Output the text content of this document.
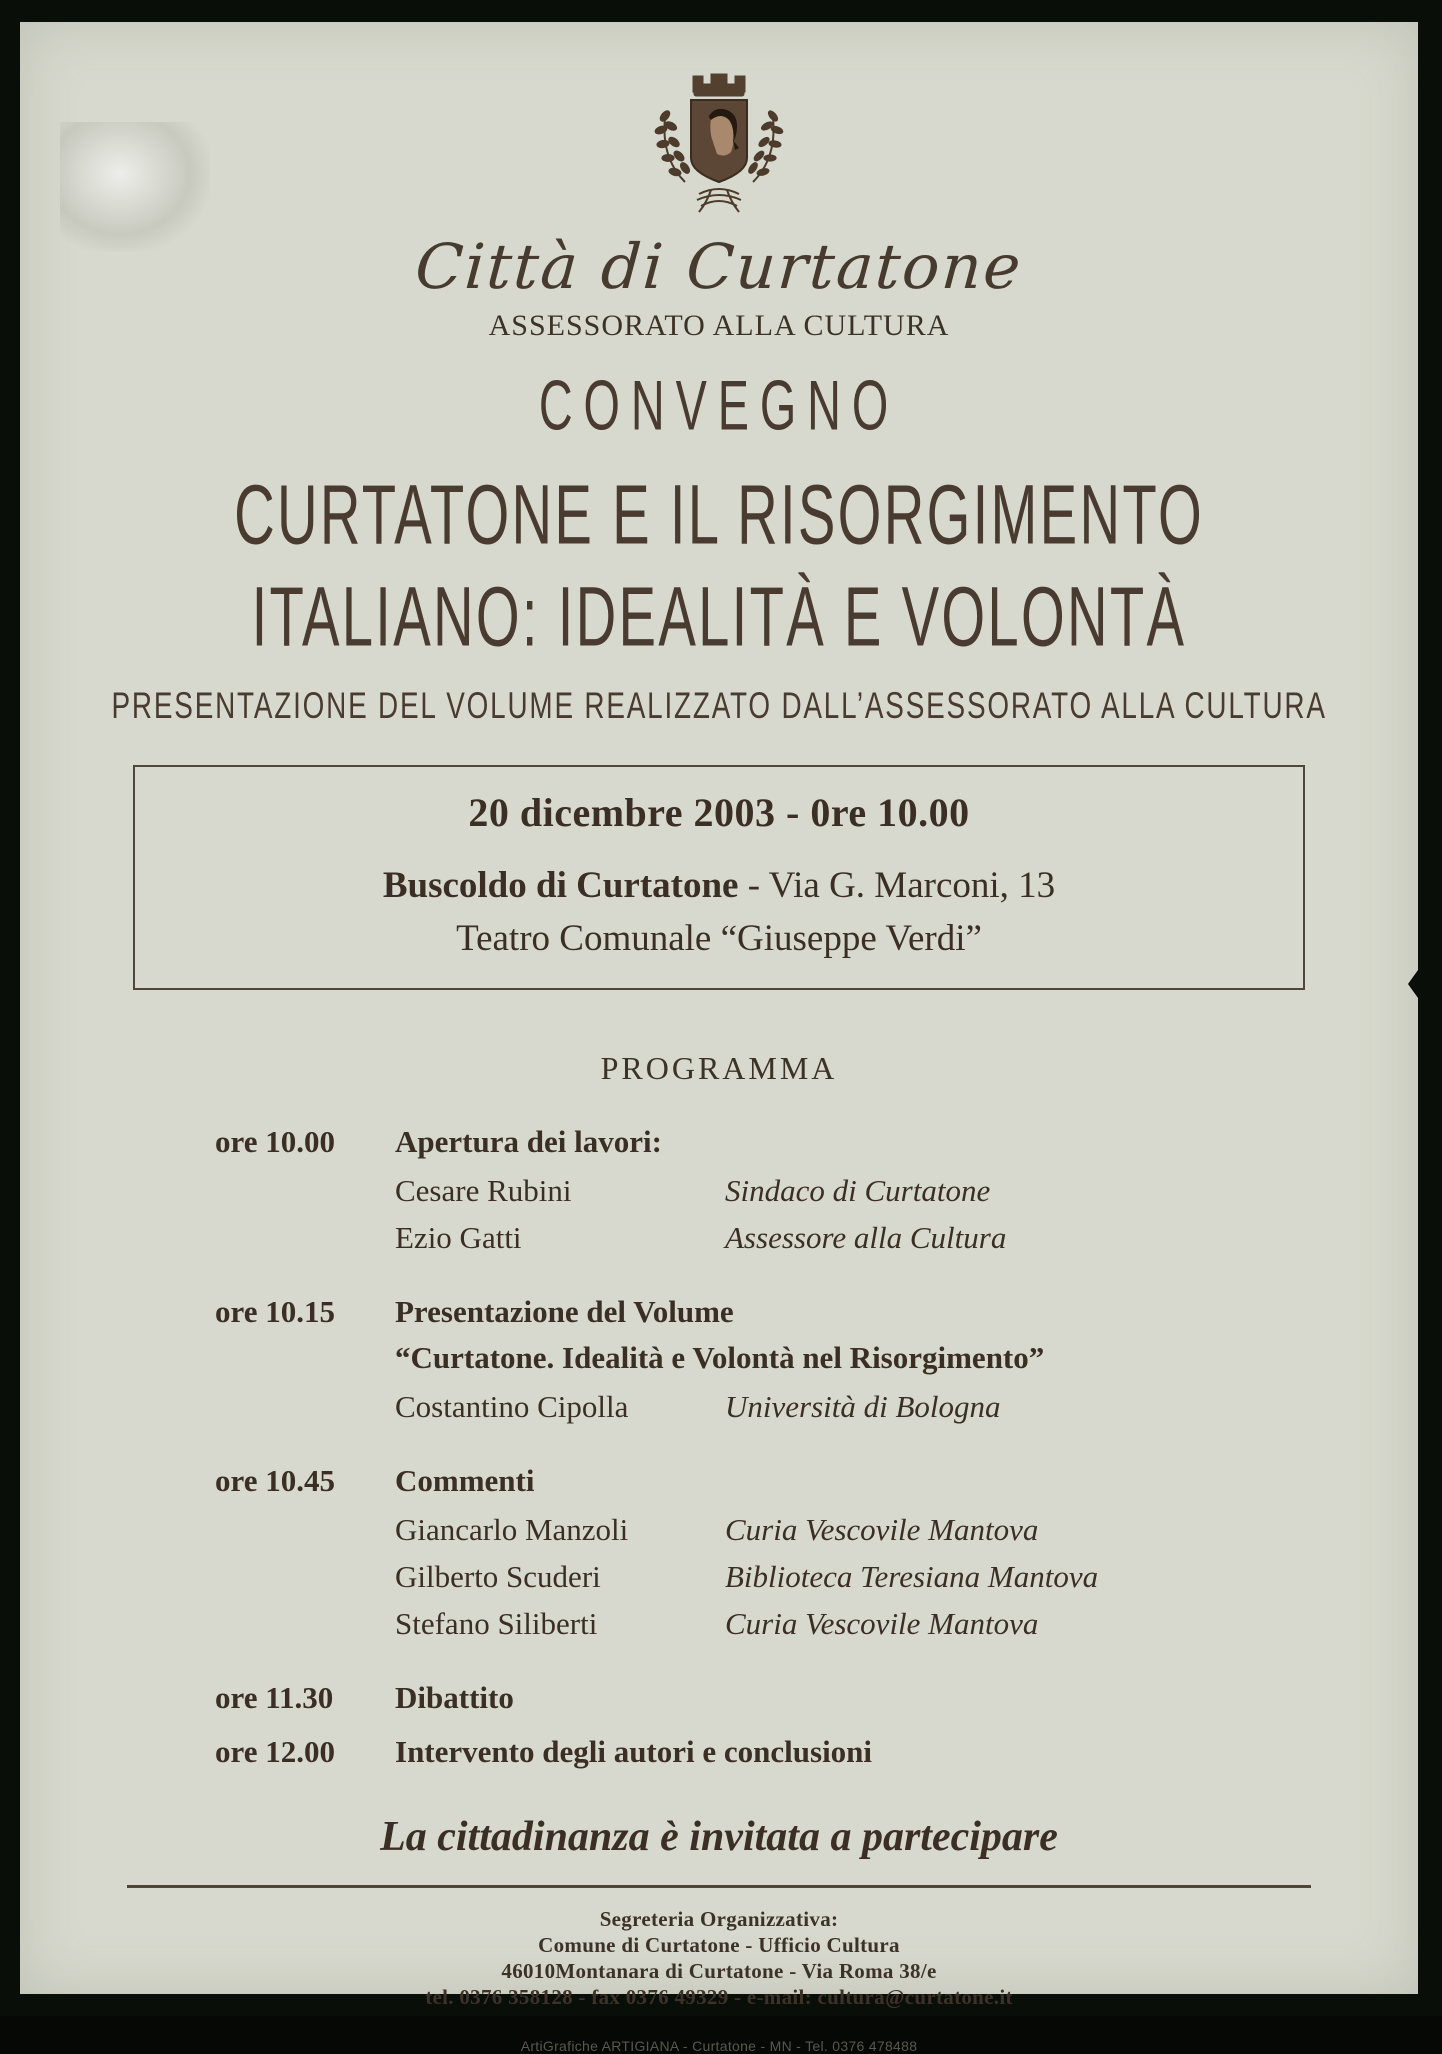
Città di Curtatone
ASSESSORATO ALLA CULTURA
CONVEGNO
CURTATONE E IL RISORGIMENTO
ITALIANO: IDEALITÀ E VOLONTÀ
PRESENTAZIONE DEL VOLUME REALIZZATO DALL’ASSESSORATO ALLA CULTURA
20 dicembre 2003 - 0re 10.00
Buscoldo di Curtatone - Via G. Marconi, 13
Teatro Comunale “Giuseppe Verdi”
PROGRAMMA
ore 10.00	Apertura dei lavori:
Cesare Rubini	Sindaco di Curtatone
Ezio Gatti	Assessore alla Cultura
ore 10.15	Presentazione del Volume
“Curtatone. Idealità e Volontà nel Risorgimento”
Costantino Cipolla	Università di Bologna
ore 10.45	Commenti
Giancarlo Manzoli	Curia Vescovile Mantova
Gilberto Scuderi	Biblioteca Teresiana Mantova
Stefano Siliberti	Curia Vescovile Mantova
ore 11.30	Dibattito
ore 12.00	Intervento degli autori e conclusioni
La cittadinanza è invitata a partecipare
Segreteria Organizzativa:
Comune di Curtatone - Ufficio Cultura
46010Montanara di Curtatone - Via Roma 38/e
tel. 0376 358128 - fax 0376 49329 - e-mail: cultura@curtatone.it
ArtiGrafiche ARTIGIANA - Curtatone - MN - Tel. 0376 478488
